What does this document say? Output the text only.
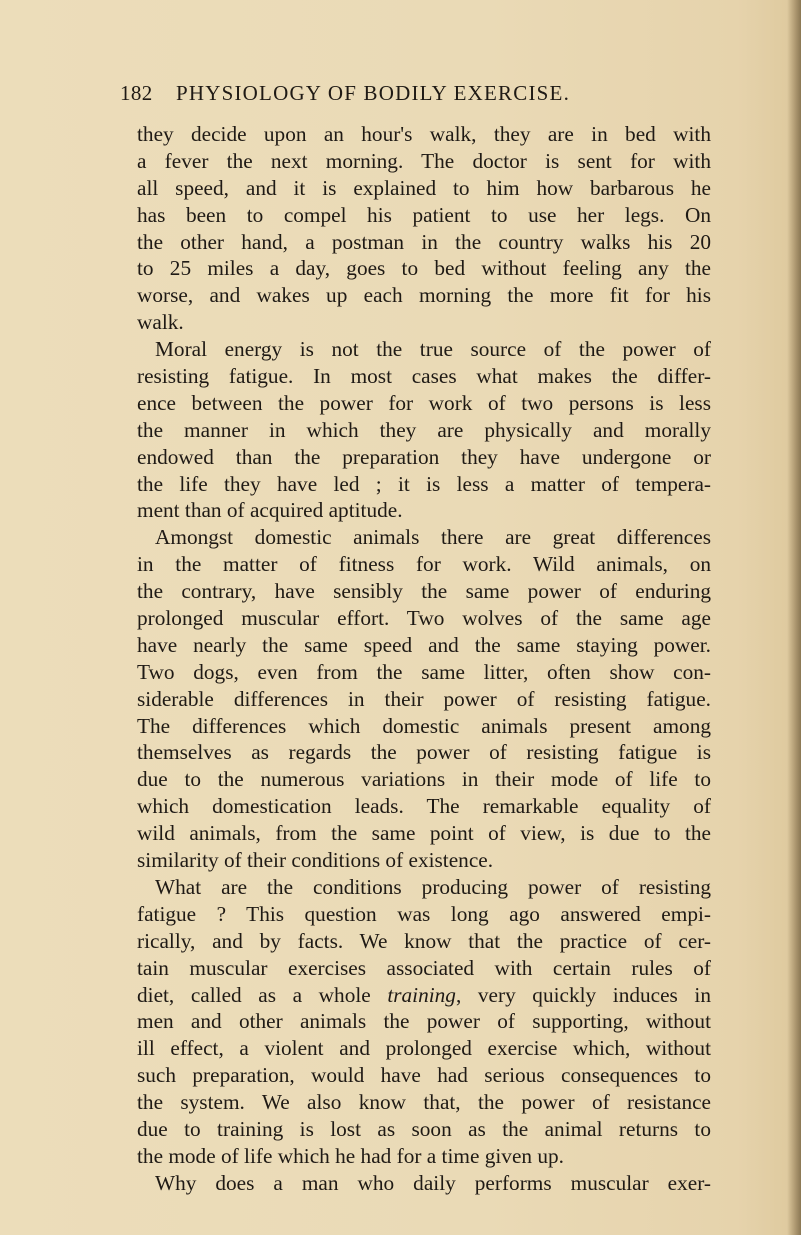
182 PHYSIOLOGY OF BODILY EXERCISE.
they decide upon an hour's walk, they are in bed with
a fever the next morning. The doctor is sent for with
all speed, and it is explained to him how barbarous he
has been to compel his patient to use her legs. On
the other hand, a postman in the country walks his 20
to 25 miles a day, goes to bed without feeling any the
worse, and wakes up each morning the more fit for his
walk.
Moral energy is not the true source of the power of
resisting fatigue. In most cases what makes the differ-
ence between the power for work of two persons is less
the manner in which they are physically and morally
endowed than the preparation they have undergone or
the life they have led ; it is less a matter of tempera-
ment than of acquired aptitude.
Amongst domestic animals there are great differences
in the matter of fitness for work. Wild animals, on
the contrary, have sensibly the same power of enduring
prolonged muscular effort. Two wolves of the same age
have nearly the same speed and the same staying power.
Two dogs, even from the same litter, often show con-
siderable differences in their power of resisting fatigue.
The differences which domestic animals present among
themselves as regards the power of resisting fatigue is
due to the numerous variations in their mode of life to
which domestication leads. The remarkable equality of
wild animals, from the same point of view, is due to the
similarity of their conditions of existence.
What are the conditions producing power of resisting
fatigue ? This question was long ago answered empi-
rically, and by facts. We know that the practice of cer-
tain muscular exercises associated with certain rules of
diet, called as a whole training, very quickly induces in
men and other animals the power of supporting, without
ill effect, a violent and prolonged exercise which, without
such preparation, would have had serious consequences to
the system. We also know that, the power of resistance
due to training is lost as soon as the animal returns to
the mode of life which he had for a time given up.
Why does a man who daily performs muscular exer-
